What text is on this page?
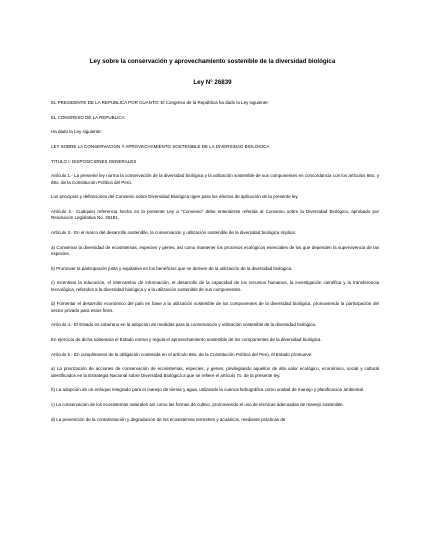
Ley sobre la conservación y aprovechamiento sostenible de la diversidad biológica
Ley N° 26839

EL PRESIDENTE DE LA REPUBLICA POR CUANTO: El Congreso de la República ha dado la Ley siguiente:

EL CONGRESO DE LA REPUBLICA

Ha dado la Ley siguiente:

LEY SOBRE LA CONSERVACION Y APROVECHAMIENTO SOSTENIBLE DE LA DIVERSIDAD BIOLOGICA

TITULO I: DISPOSICIONES GENERALES

Artículo 1.- La presente ley norma la conservación de la diversidad biológica y la utilización sostenible de sus componentes en concordancia con los artículos 66o. y 68o. de la Constitución Política del Perú.

Los principios y definiciones del Convenio sobre Diversidad Biológica rigen para los efectos de aplicación de la presente ley.

Artículo 2.- Cualquier referencia hecha en la presente Ley a "Convenio" debe entenderse referida al Convenio sobre la Diversidad Biológica, aprobado por Resolución Legislativa No. 26181.

Artículo 3.- En el marco del desarrollo sostenible, la conservación y utilización sostenible de la diversidad biológica implica:

a) Conservar la diversidad de ecosistemas, especies y genes, así como mantener los procesos ecológicos esenciales de los que dependen la supervivencia de las especies.

b) Promover la participación justa y equitativa en los beneficios que se deriven de la utilización de la diversidad biológica.

c) Incentivar la educación, el intercambio de información, el desarrollo de la capacidad de los recursos humanos, la investigación científica y la transferencia tecnológica, referidos a la diversidad biológica y a la utilización sostenible de sus componentes.

d) Fomentar el desarrollo económico del país en base a la utilización sostenible de los componentes de la diversidad biológica, promoviendo la participación del sector privado para estos fines.

Artículo 4.- El Estado es soberano en la adopción de medidas para la conservación y utilización sostenible de la diversidad biológica.

En ejercicio de dicha soberanía el Estado norma y regula el aprovechamiento sostenible de los componentes de la diversidad biológica.

Artículo 5.- En cumplimiento de la obligación contenida en el artículo 68o. de la Constitución Política del Perú, el Estado promueve:

a) La priorización de acciones de conservación de ecosistemas, especies, y genes, privilegiando aquellos de alto valor ecológico, económico, social y cultural identificados en la Estrategia Nacional sobre Diversidad Biológica a que se refiere el artículo 7o. de la presente ley.

b) La adopción de un enfoque integrado para el manejo de tierras y agua, utilizando la cuenca hidrográfica como unidad de manejo y planificación ambiental.

c) La conservación de los ecosistemas naturales así como las formas de cultivo, promoviendo el uso de técnicas adecuadas de manejo sostenible.

d) La prevención de la contaminación y degradación de los ecosistemas terrestres y acuáticos, mediante prácticas de
